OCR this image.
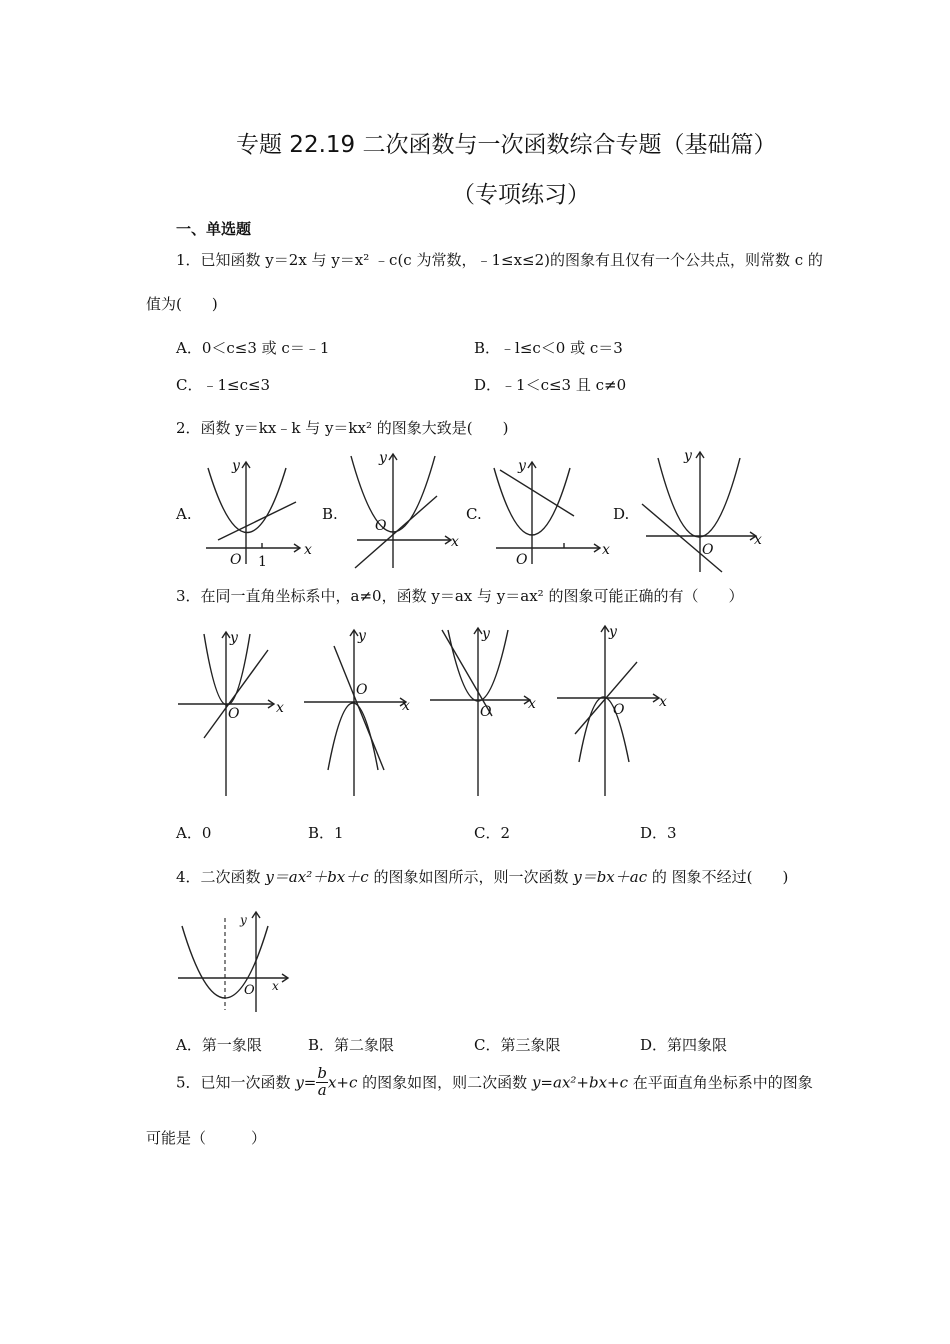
专题 22.19 二次函数与一次函数综合专题（基础篇）
（专项练习）
一、单选题
1．已知函数 y＝2x 与 y＝x² ﹣c(c 为常数，﹣1≤x≤2)的图象有且仅有一个公共点，则常数 c 的
值为(　　)
A．0＜c≤3 或 c＝﹣1	B．﹣l≤c＜0 或 c＝3
C．﹣1≤c≤3	D．﹣1＜c≤3 且 c≠0
2．函数 y＝kx﹣k 与 y＝kx² 的图象大致是(　　)
A.
y
x
O 1
B.
y
x
O
C.
y
x
O
D.
y
x
O
3．在同一直角坐标系中，a≠0，函数 y＝ax 与 y＝ax² 的图象可能正确的有（　　）
y
x
O
y
x
O
y
x
O
y
x
O
A．0	B．1	C．2	D．3
4．二次函数 y＝ax²＋bx＋c 的图象如图所示，则一次函数 y＝bx＋ac 的 图象不经过(　　)
y
x
O
A．第一象限	B．第二象限	C．第三象限	D．第四象限
5．已知一次函数 $y= \frac{b}{a} x+c$ 的图象如图，则二次函数 y=ax²+bx+c 在平面直角坐标系中的图象
可能是（　　　）
